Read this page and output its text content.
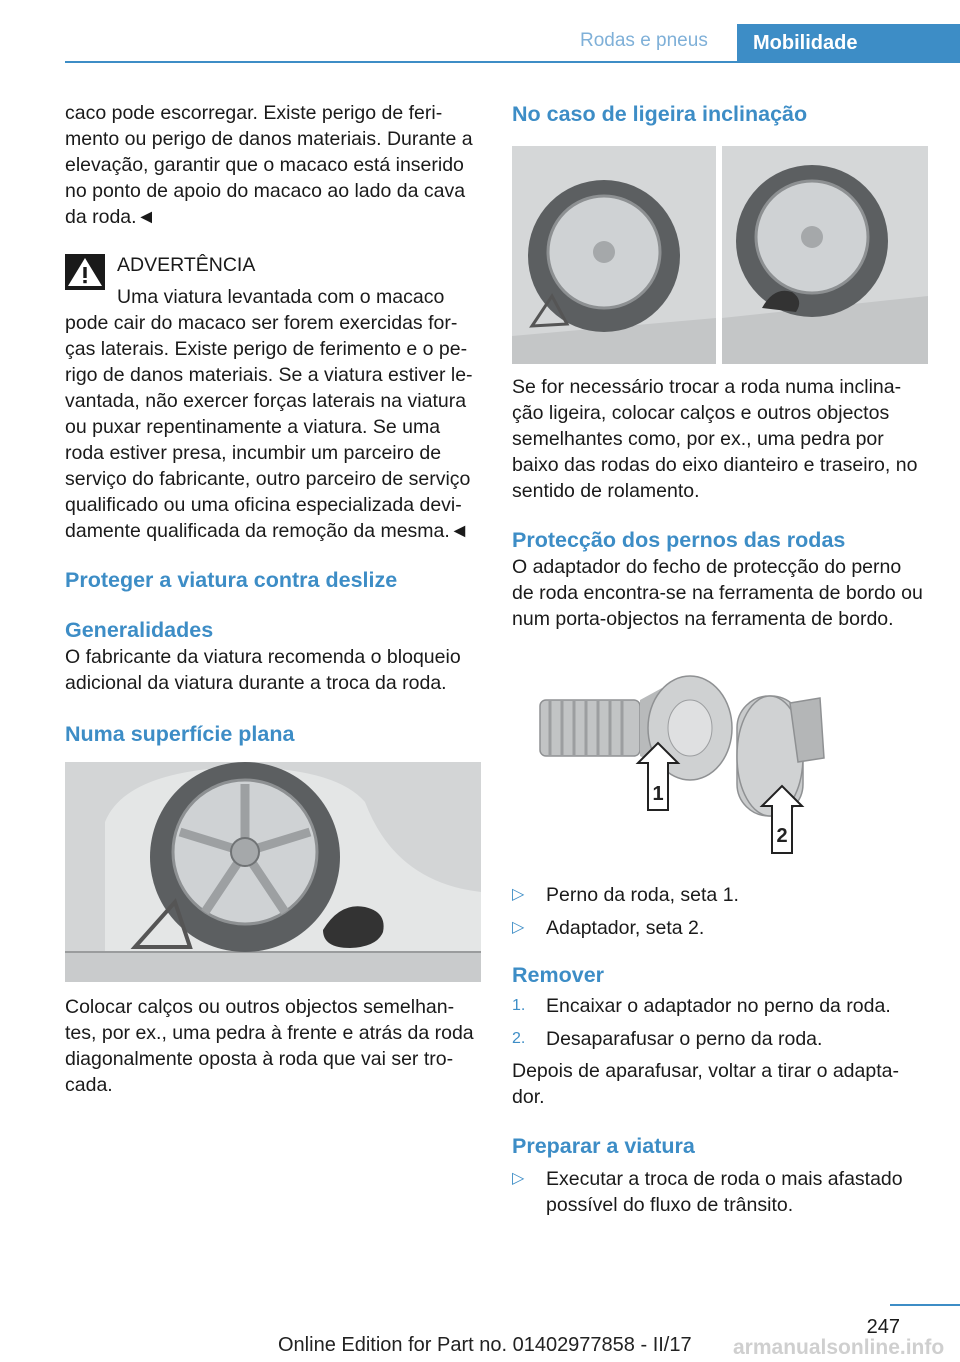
Rodas e pneus	Mobilidade

caco pode escorregar. Existe perigo de feri- mento ou perigo de danos materiais. Durante a elevação, garantir que o macaco está inserido no ponto de apoio do macaco ao lado da cava da roda.◄

ADVERTÊNCIA

Uma viatura levantada com o macaco

pode cair do macaco ser forem exercidas for- ças laterais. Existe perigo de ferimento e o pe- rigo de danos materiais. Se a viatura estiver le- vantada, não exercer forças laterais na viatura ou puxar repentinamente a viatura. Se uma roda estiver presa, incumbir um parceiro de serviço do fabricante, outro parceiro de serviço qualificado ou uma oficina especializada devi- damente qualificada da remoção da mesma.◄

Proteger a viatura contra deslize

Generalidades

O fabricante da viatura recomenda o bloqueio adicional da viatura durante a troca da roda.

Numa superfície plana

Colocar calços ou outros objectos semelhan- tes, por ex., uma pedra à frente e atrás da roda diagonalmente oposta à roda que vai ser tro- cada.

No caso de ligeira inclinação

Se for necessário trocar a roda numa inclina- ção ligeira, colocar calços e outros objectos semelhantes como, por ex., uma pedra por baixo das rodas do eixo dianteiro e traseiro, no sentido de rolamento.

Protecção dos pernos das rodas

O adaptador do fecho de protecção do perno de roda encontra-se na ferramenta de bordo ou num porta-objectos na ferramenta de bordo.

1
2
▷	Perno da roda, seta 1.
▷	Adaptador, seta 2.

Remover

1.	Encaixar o adaptador no perno da roda.
2.	Desaparafusar o perno da roda.

Depois de aparafusar, voltar a tirar o adapta- dor.

Preparar a viatura

▷	Executar a troca de roda o mais afastado possível do fluxo de trânsito.
247
armanualsonline.info
Online Edition for Part no. 01402977858 - II/17
